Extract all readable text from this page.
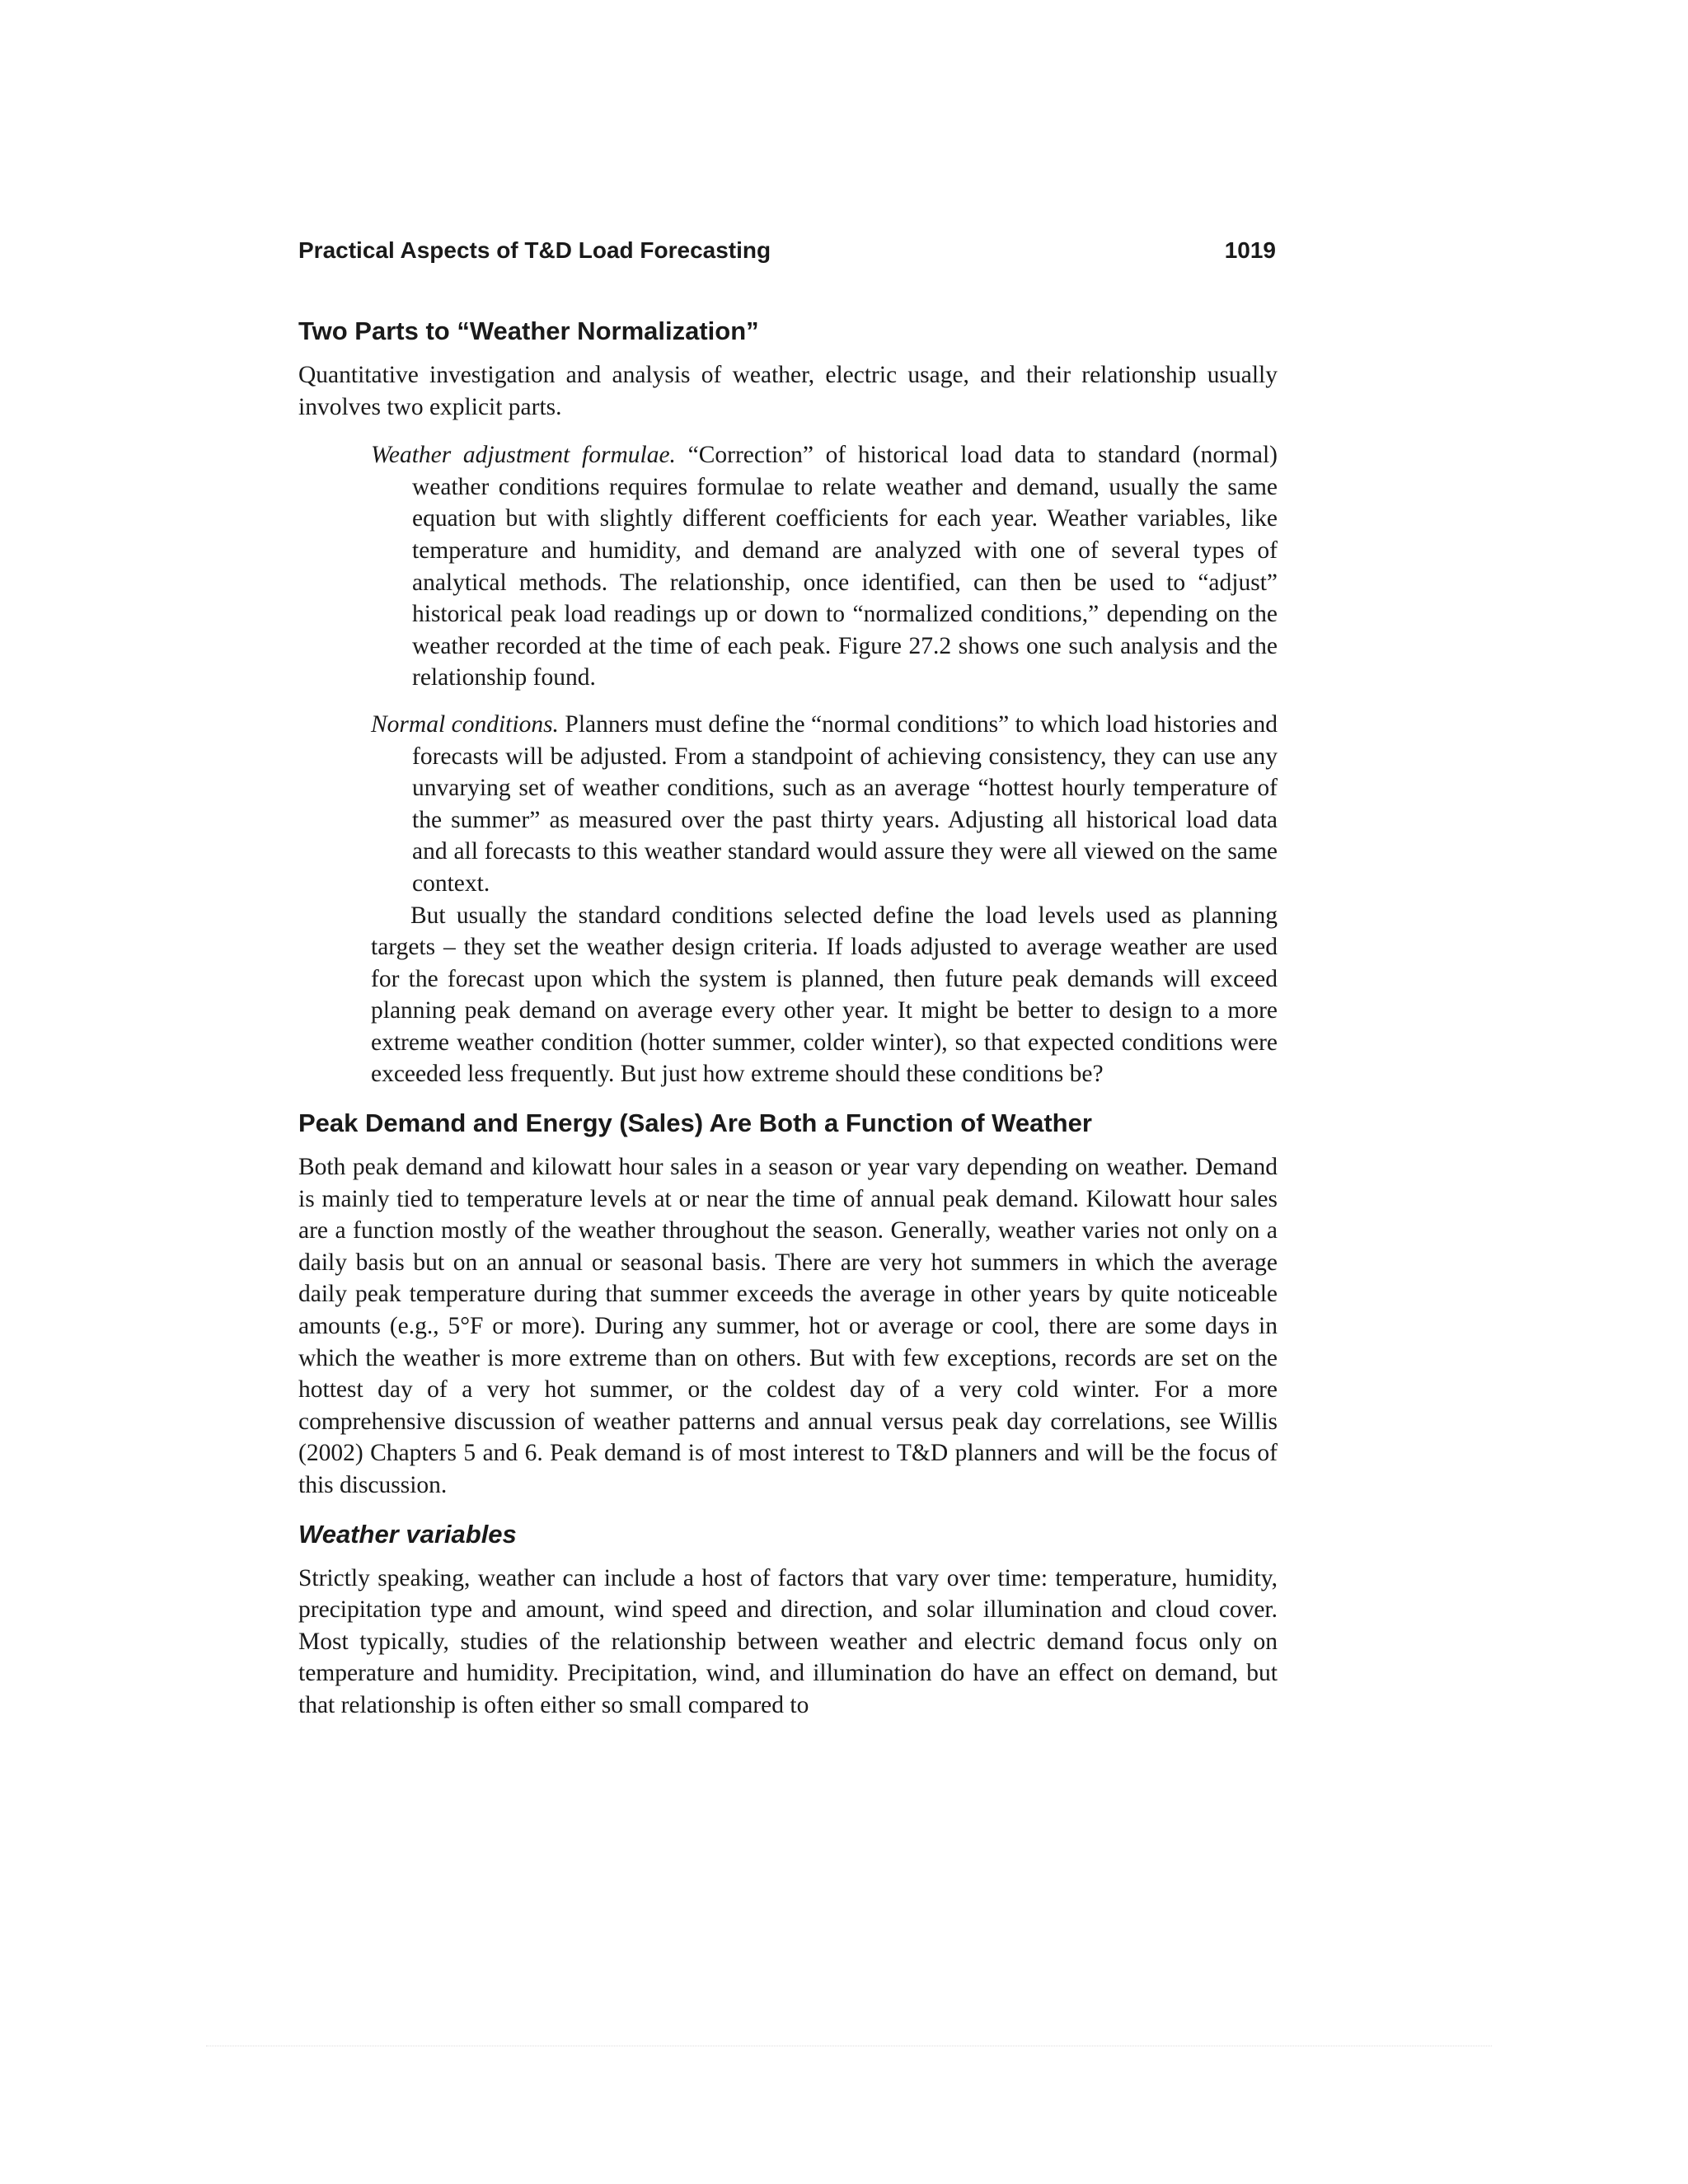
Practical Aspects of T&D Load Forecasting	1019
Two Parts to “Weather Normalization”

Quantitative investigation and analysis of weather, electric usage, and their relationship usually involves two explicit parts.

Weather adjustment formulae. “Correction” of historical load data to standard (normal) weather conditions requires formulae to relate weather and demand, usually the same equation but with slightly different coefficients for each year. Weather variables, like temperature and humidity, and demand are analyzed with one of several types of analytical methods. The relationship, once identified, can then be used to “adjust” historical peak load readings up or down to “normalized conditions,” depending on the weather recorded at the time of each peak. Figure 27.2 shows one such analysis and the relationship found.

Normal conditions. Planners must define the “normal conditions” to which load histories and forecasts will be adjusted. From a standpoint of achieving consistency, they can use any unvarying set of weather conditions, such as an average “hottest hourly temperature of the summer” as measured over the past thirty years. Adjusting all historical load data and all forecasts to this weather standard would assure they were all viewed on the same context.

But usually the standard conditions selected define the load levels used as planning targets – they set the weather design criteria. If loads adjusted to average weather are used for the forecast upon which the system is planned, then future peak demands will exceed planning peak demand on average every other year. It might be better to design to a more extreme weather condition (hotter summer, colder winter), so that expected conditions were exceeded less frequently. But just how extreme should these conditions be?

Peak Demand and Energy (Sales) Are Both a Function of Weather

Both peak demand and kilowatt hour sales in a season or year vary depending on weather. Demand is mainly tied to temperature levels at or near the time of annual peak demand. Kilowatt hour sales are a function mostly of the weather throughout the season. Generally, weather varies not only on a daily basis but on an annual or seasonal basis. There are very hot summers in which the average daily peak temperature during that summer exceeds the average in other years by quite noticeable amounts (e.g., 5°F or more). During any summer, hot or average or cool, there are some days in which the weather is more extreme than on others. But with few exceptions, records are set on the hottest day of a very hot summer, or the coldest day of a very cold winter. For a more comprehensive discussion of weather patterns and annual versus peak day correlations, see Willis (2002) Chapters 5 and 6. Peak demand is of most interest to T&D planners and will be the focus of this discussion.

Weather variables

Strictly speaking, weather can include a host of factors that vary over time: temperature, humidity, precipitation type and amount, wind speed and direction, and solar illumination and cloud cover. Most typically, studies of the relationship between weather and electric demand focus only on temperature and humidity. Precipitation, wind, and illumination do have an effect on demand, but that relationship is often either so small compared to
